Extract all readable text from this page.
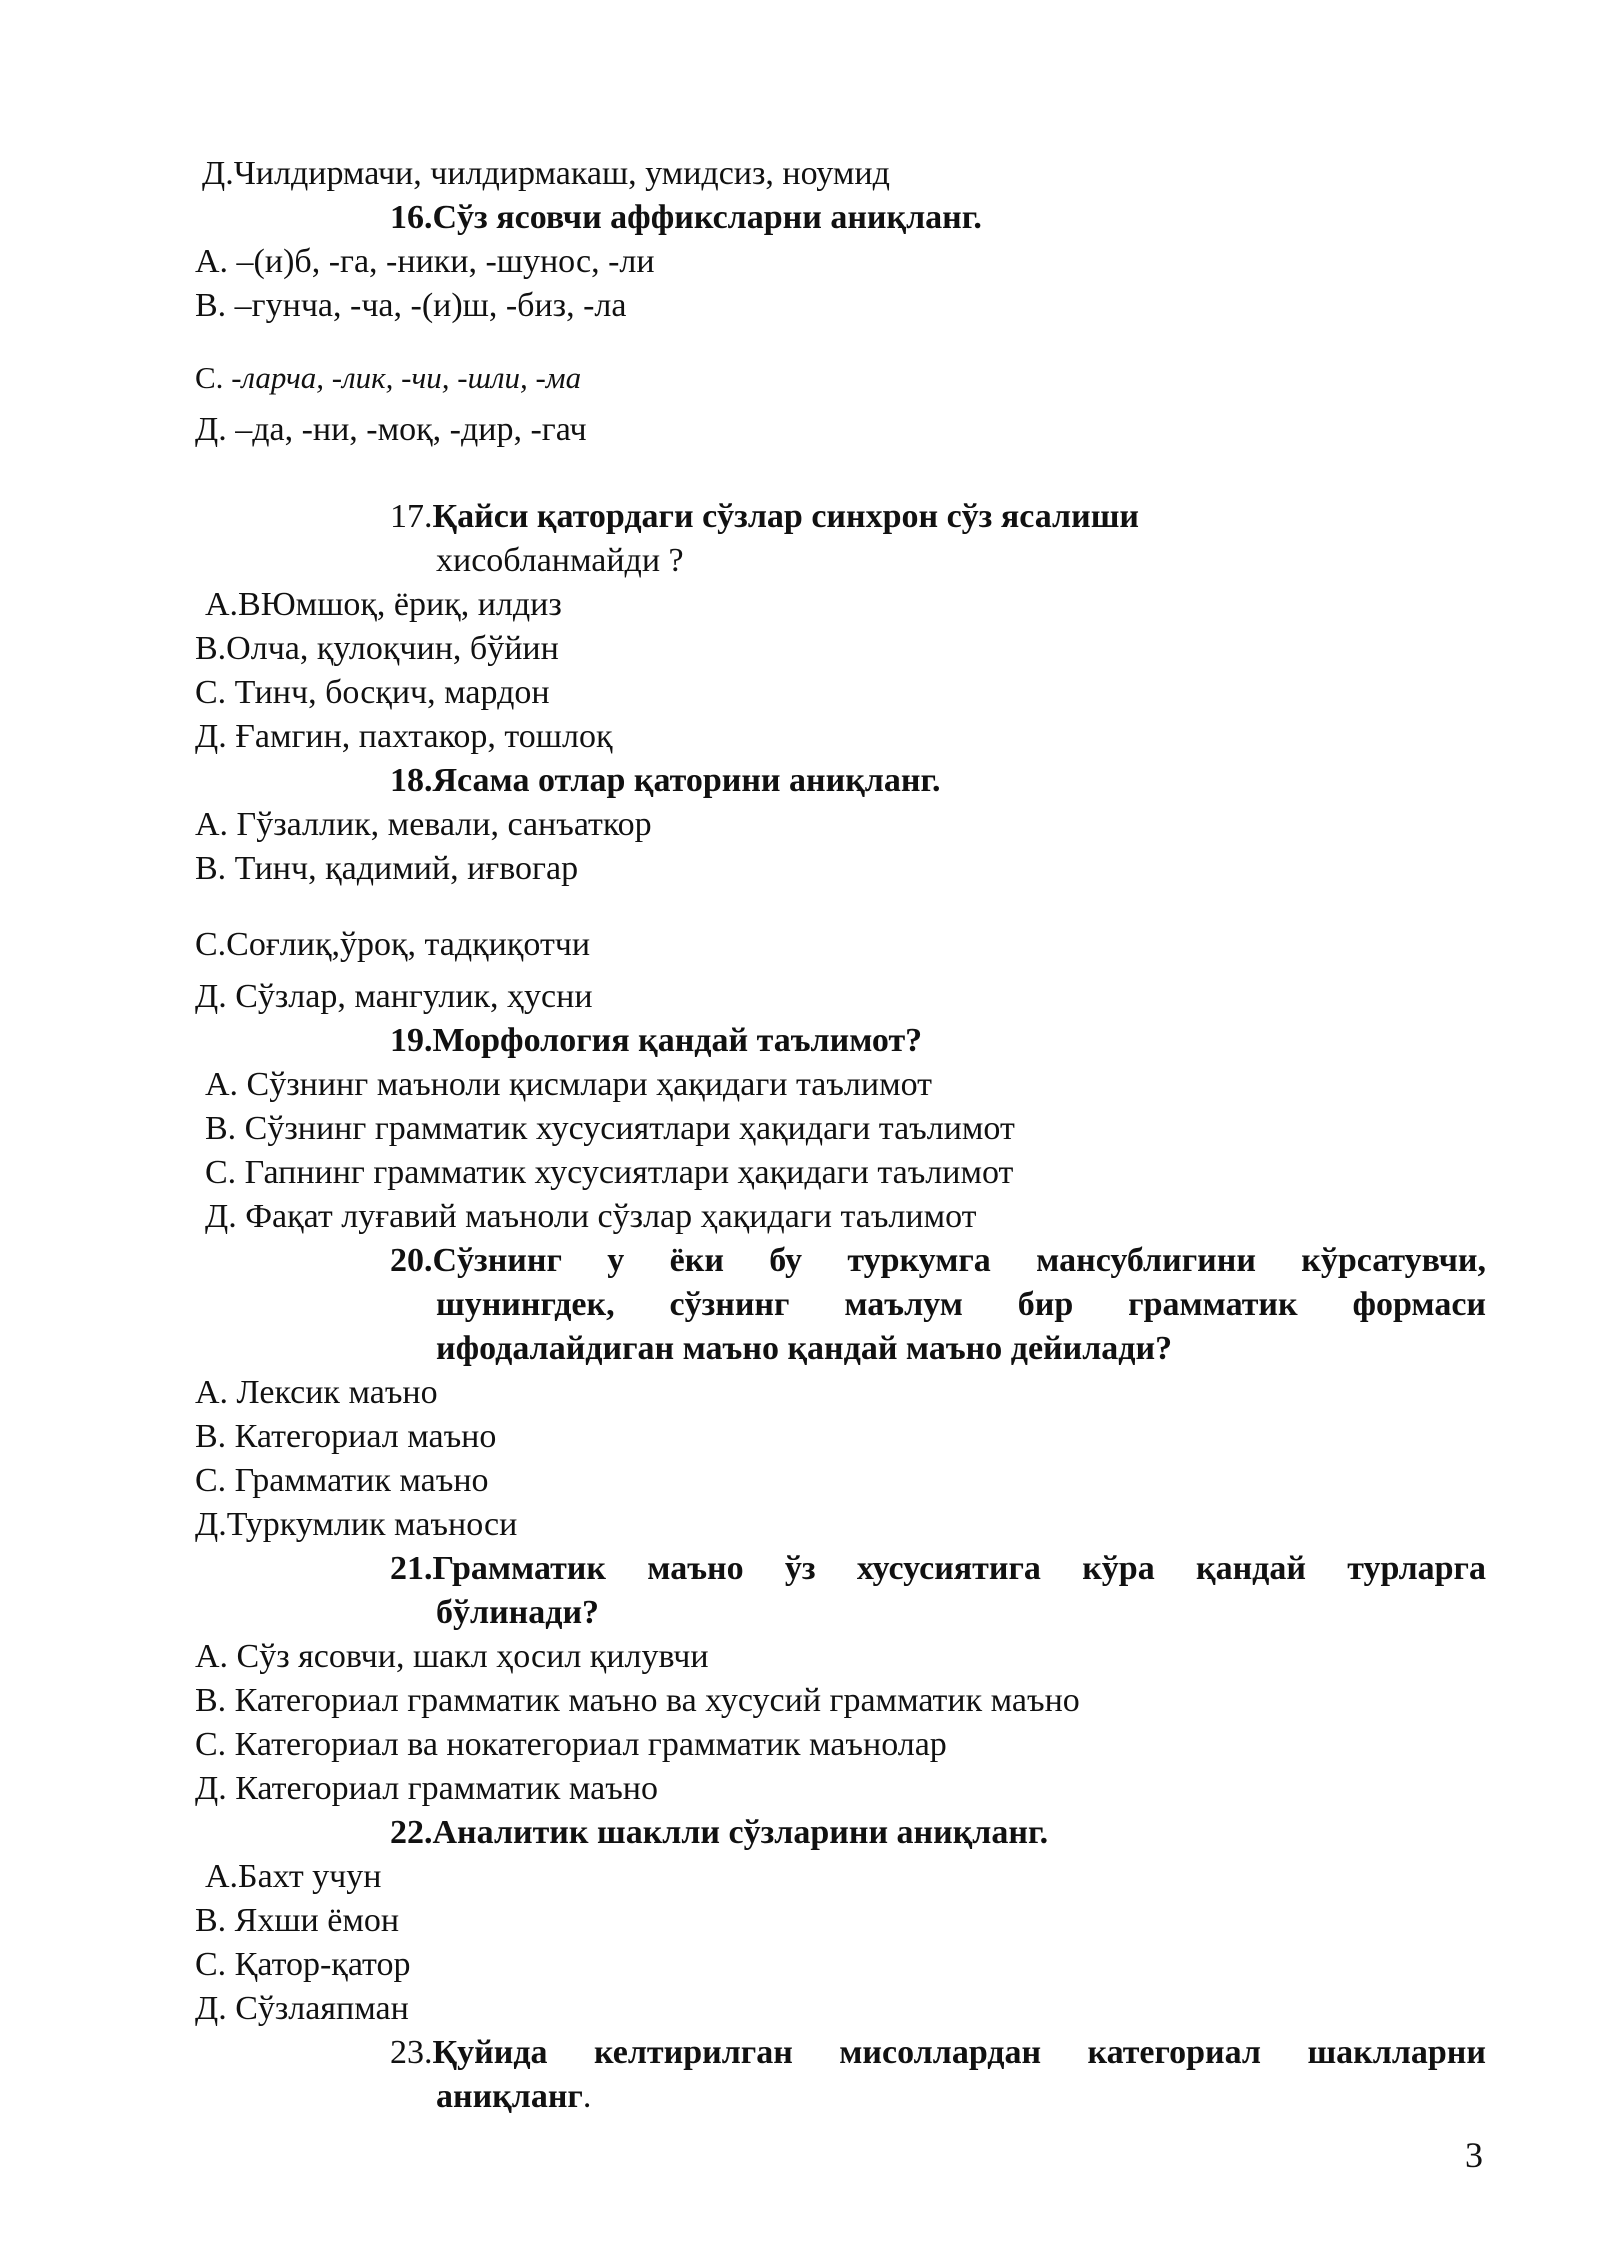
Д.Чилдирмачи, чилдирмакаш, умидсиз, ноумид
16.Сўз ясовчи аффиксларни аниқланг.
А. –(и)б, -га, -ники, -шунос, -ли
В. –гунча, -ча, -(и)ш, -биз, -ла
С. -ларча, -лик, -чи, -шли, -ма
Д. –да, -ни, -моқ, -дир, -гач
17.Қайси қатордаги сўзлар синхрон сўз ясалиши
хисобланмайди ?
А.ВЮмшоқ, ёриқ, илдиз
В.Олча, қулоқчин, бўйин
С. Тинч, босқич, мардон
Д. Ғамгин, пахтакор, тошлоқ
18.Ясама отлар қаторини аниқланг.
А. Гўзаллик, мевали, санъаткор
В. Тинч, қадимий, иғвогар
С.Соғлиқ,ўроқ, тадқиқотчи
Д. Сўзлар, мангулик, ҳусни
19.Морфология қандай таълимот?
А. Сўзнинг маъноли қисмлари ҳақидаги таълимот
В. Сўзнинг грамматик хусусиятлари ҳақидаги таълимот
С. Гапнинг грамматик хусусиятлари ҳақидаги таълимот
Д. Фақат луғавий маъноли сўзлар ҳақидаги таълимот
20.Сўзнинг у ёки бу туркумга мансублигини кўрсатувчи,
шунингдек, сўзнинг маълум бир грамматик формаси
ифодалайдиган маъно қандай маъно дейилади?
А. Лексик маъно
В. Категориал маъно
С. Грамматик маъно
Д.Туркумлик маъноси
21.Грамматик маъно ўз хусусиятига кўра қандай турларга
бўлинади?
А. Сўз ясовчи, шакл ҳосил қилувчи
В. Категориал грамматик маъно ва хусусий грамматик маъно
С. Категориал ва нокатегориал грамматик маънолар
Д. Категориал грамматик маъно
22.Аналитик шаклли сўзларини аниқланг.
А.Бахт учун
В. Яхши ёмон
С. Қатор-қатор
Д. Сўзлаяпман
23. Қуйида келтирилган мисоллардан категориал шаклларни
аниқланг.
3
